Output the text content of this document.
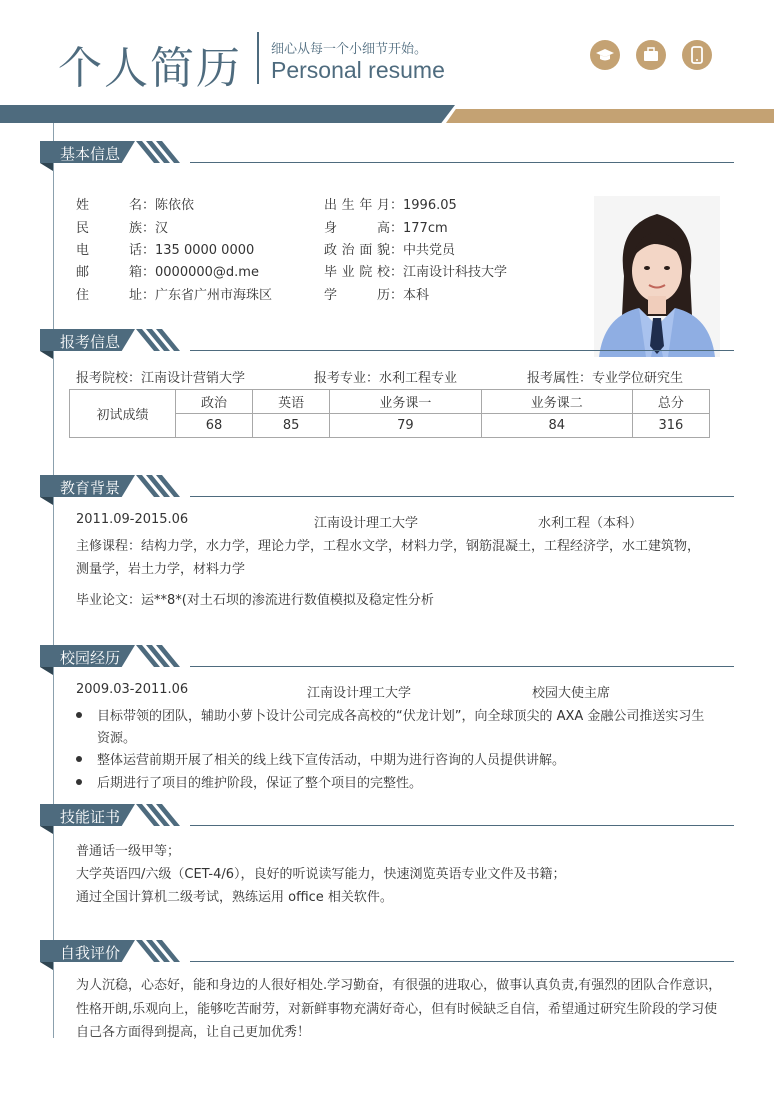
个人简历 细心从每一个小细节开始。
Personal resume
基本信息
姓　　名：陈依依
民　　族：汉
电　　话：135 0000 0000
邮　　箱：0000000@d.me
住　　址：广东省广州市海珠区
出生年月：1996.05
身　　高：177cm
政治面貌：中共党员
毕业院校：江南设计科技大学
学　　历：本科
报考信息
报考院校：江南设计营销大学	报考专业：水利工程专业	报考属性：专业学位研究生
初试成绩	政治	英语	业务课一	业务课二	总分
	68	85	79	84	316
教育背景
2011.09-2015.06	江南设计理工大学	水利工程（本科）
主修课程：结构力学，水力学，理论力学，工程水文学，材料力学，钢筋混凝土，工程经济学，水工建筑物，
测量学，岩土力学，材料力学
毕业论文：运**8*(对土石坝的渗流进行数值模拟及稳定性分析
校园经历
2009.03-2011.06	江南设计理工大学	校园大使主席
目标带领的团队，辅助小萝卜设计公司完成各高校的“伏龙计划”，向全球顶尖的 AXA 金融公司推送实习生
资源。
整体运营前期开展了相关的线上线下宣传活动，中期为进行咨询的人员提供讲解。
后期进行了项目的维护阶段，保证了整个项目的完整性。
技能证书
普通话一级甲等；
大学英语四/六级（CET-4/6），良好的听说读写能力，快速浏览英语专业文件及书籍；
通过全国计算机二级考试，熟练运用 office 相关软件。
自我评价
为人沉稳，心态好，能和身边的人很好相处.学习勤奋，有很强的进取心，做事认真负责,有强烈的团队合作意识，
性格开朗,乐观向上，能够吃苦耐劳，对新鲜事物充满好奇心，但有时候缺乏自信，希望通过研究生阶段的学习使
自己各方面得到提高，让自己更加优秀！
